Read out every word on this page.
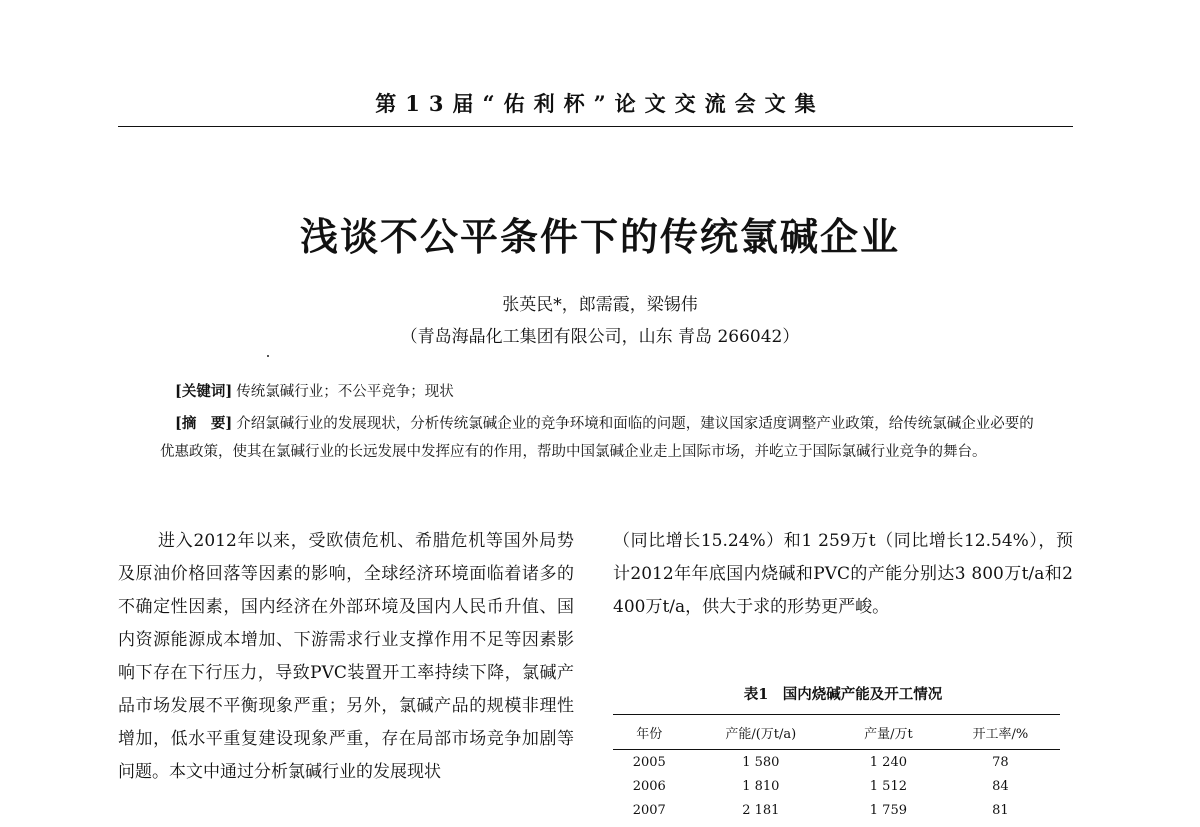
第13届“佑利杯”论文交流会文集
浅谈不公平条件下的传统氯碱企业
张英民*，郎需霞，梁锡伟
（青岛海晶化工集团有限公司，山东 青岛 266042）
[关键词] 传统氯碱行业；不公平竞争；现状
[摘　要] 介绍氯碱行业的发展现状，分析传统氯碱企业的竞争环境和面临的问题，建议国家适度调整产业政策，给传统氯碱企业必要的优惠政策，使其在氯碱行业的长远发展中发挥应有的作用，帮助中国氯碱企业走上国际市场，并屹立于国际氯碱行业竞争的舞台。
进入2012年以来，受欧债危机、希腊危机等国外局势及原油价格回落等因素的影响，全球经济环境面临着诸多的不确定性因素，国内经济在外部环境及国内人民币升值、国内资源能源成本增加、下游需求行业支撑作用不足等因素影响下存在下行压力，导致PVC装置开工率持续下降，氯碱产品市场发展不平衡现象严重；另外，氯碱产品的规模非理性增加，低水平重复建设现象严重，存在局部市场竞争加剧等问题。本文中通过分析氯碱行业的发展现状
（同比增长15.24%）和1 259万t（同比增长12.54%），预计2012年年底国内烧碱和PVC的产能分别达3 800万t/a和2 400万t/a，供大于求的形势更严峻。
表1　国内烧碱产能及开工情况
年份	产能/(万t/a)	产量/万t	开工率/%
2005	1 580	1 240	78
2006	1 810	1 512	84
2007	2 181	1 759	81
